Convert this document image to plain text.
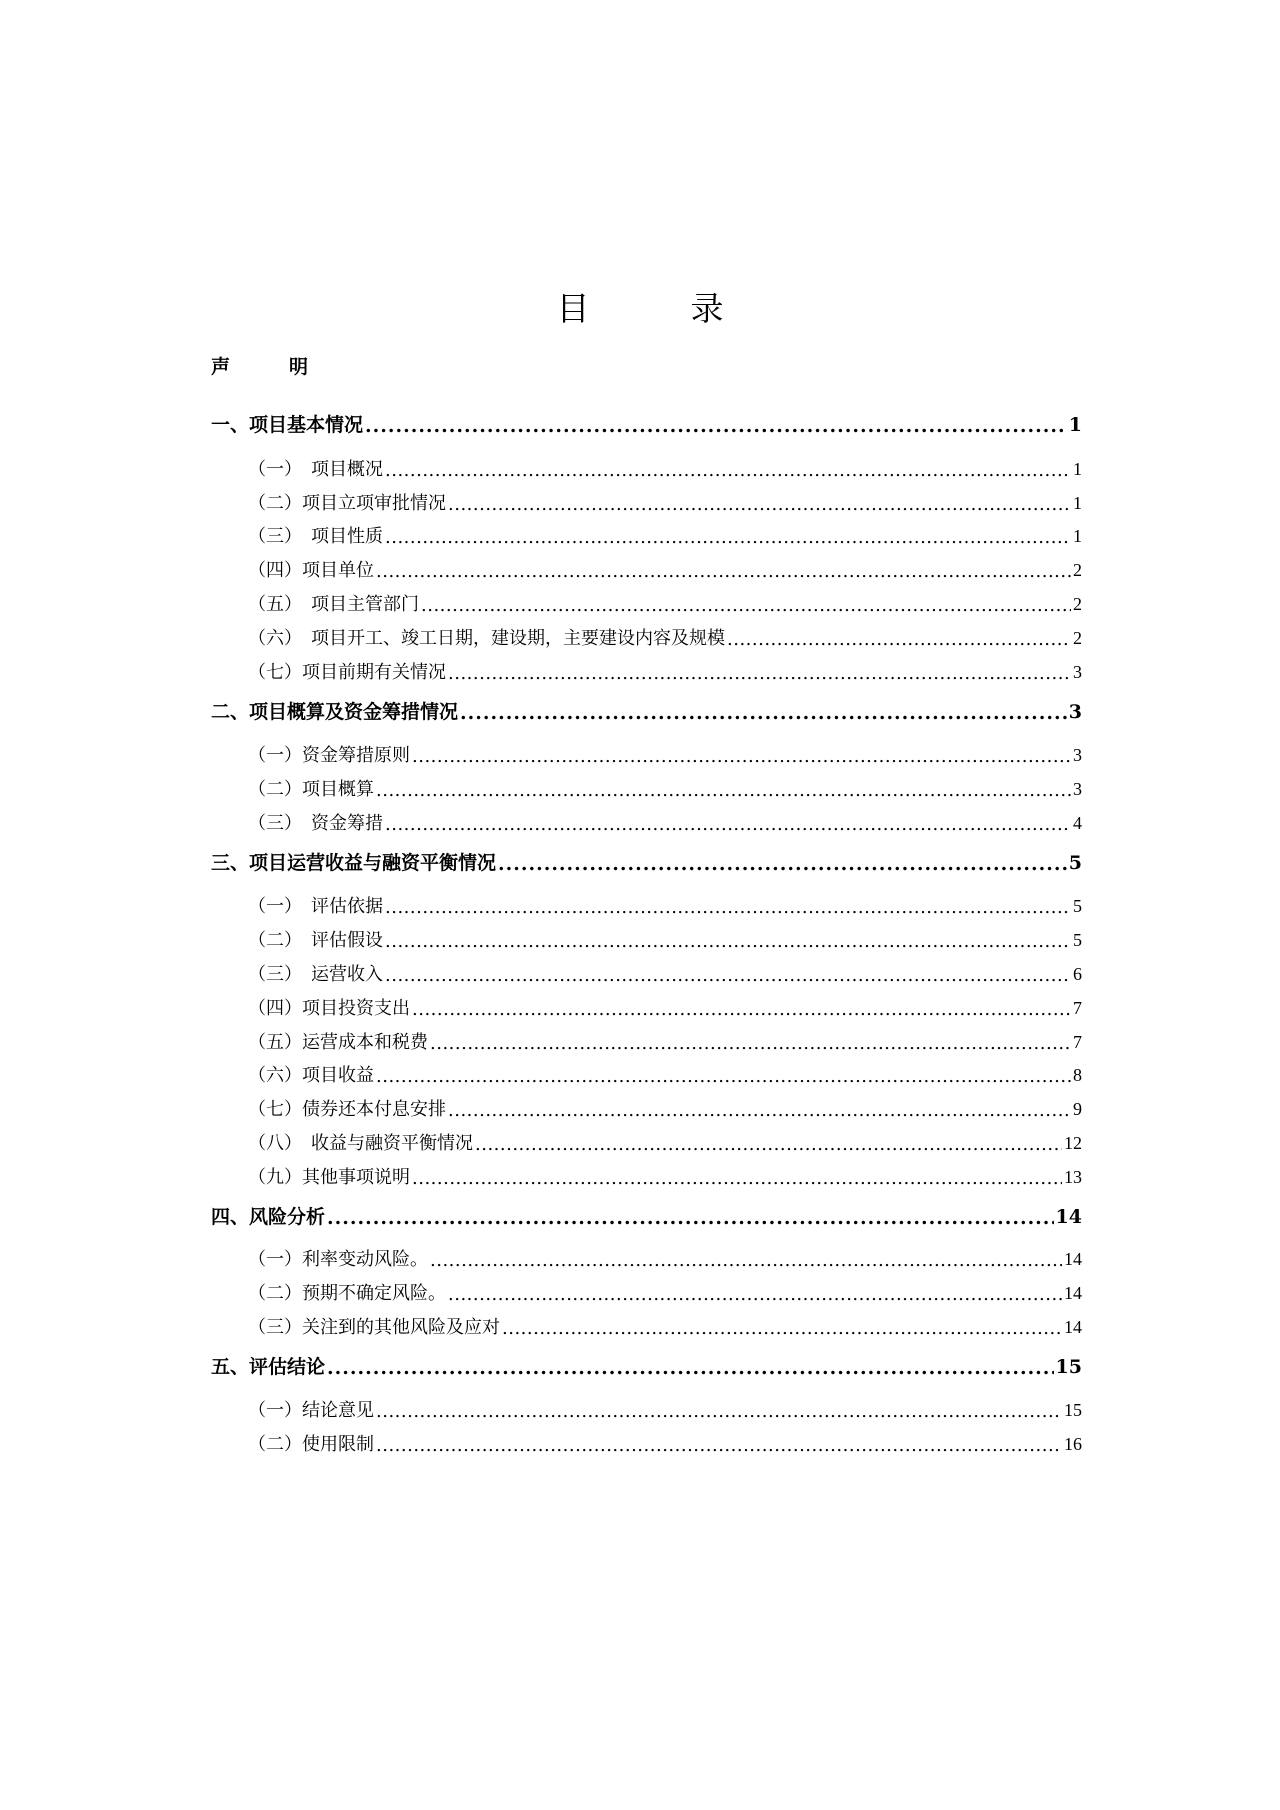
目　录
声　明
一、项目基本情况 .....	1
（一）　项目概况 .....	1
（二）项目立项审批情况 .....	1
（三）　项目性质 .....	1
（四）项目单位 .....	2
（五）　项目主管部门 .....	2
（六）　项目开工、竣工日期，建设期，主要建设内容及规模 .....	2
（七）项目前期有关情况 .....	3
二、项目概算及资金筹措情况 .....	3
（一）资金筹措原则 .....	3
（二）项目概算 .....	3
（三）　资金筹措 .....	4
三、项目运营收益与融资平衡情况 .....	5
（一）　评估依据 .....	5
（二）　评估假设 .....	5
（三）　运营收入 .....	6
（四）项目投资支出 .....	7
（五）运营成本和税费 .....	7
（六）项目收益 .....	8
（七）债券还本付息安排 .....	9
（八）　收益与融资平衡情况 .....	12
（九）其他事项说明 .....	13
四、风险分析 .....	14
（一）利率变动风险。 .....	14
（二）预期不确定风险。 .....	14
（三）关注到的其他风险及应对 .....	14
五、评估结论 .....	15
（一）结论意见 .....	15
（二）使用限制 .....	16
